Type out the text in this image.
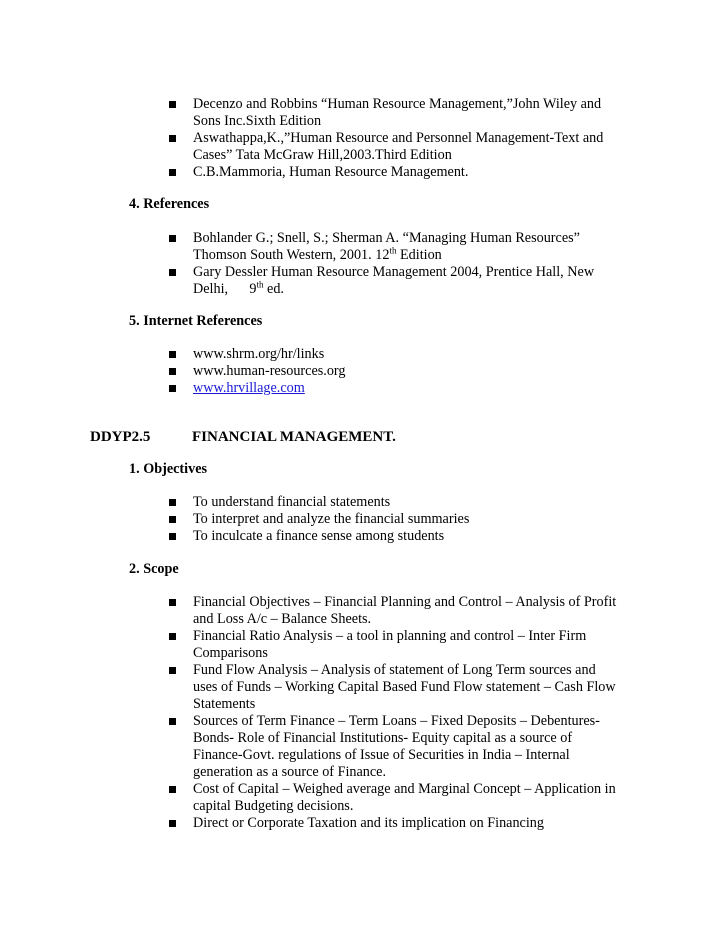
Decenzo and Robbins “Human Resource Management,”John Wiley and
Sons Inc.Sixth Edition
Aswathappa,K.,”Human Resource and Personnel Management-Text and
Cases” Tata McGraw Hill,2003.Third Edition
C.B.Mammoria, Human Resource Management.
4. References
Bohlander G.; Snell, S.; Sherman A. “Managing Human Resources”
Thomson South Western, 2001. 12th Edition
Gary Dessler Human Resource Management 2004, Prentice Hall, New
Delhi,      9th ed.
5. Internet References
www.shrm.org/hr/links
www.human-resources.org
www.hrvillage.com
DDYP2.5	FINANCIAL MANAGEMENT.
1. Objectives
To understand financial statements
To interpret and analyze the financial summaries
To inculcate a finance sense among students
2. Scope
Financial Objectives – Financial Planning and Control – Analysis of Profit
and Loss A/c – Balance Sheets.
Financial Ratio Analysis – a tool in planning and control – Inter Firm
Comparisons
Fund Flow Analysis – Analysis of statement of Long Term sources and
uses of Funds – Working Capital Based Fund Flow statement – Cash Flow
Statements
Sources of Term Finance – Term Loans – Fixed Deposits – Debentures-
Bonds- Role of Financial Institutions- Equity capital as a source of
Finance-Govt. regulations of Issue of Securities in India – Internal
generation as a source of Finance.
Cost of Capital – Weighed average and Marginal Concept – Application in
capital Budgeting decisions.
Direct or Corporate Taxation and its implication on Financing
